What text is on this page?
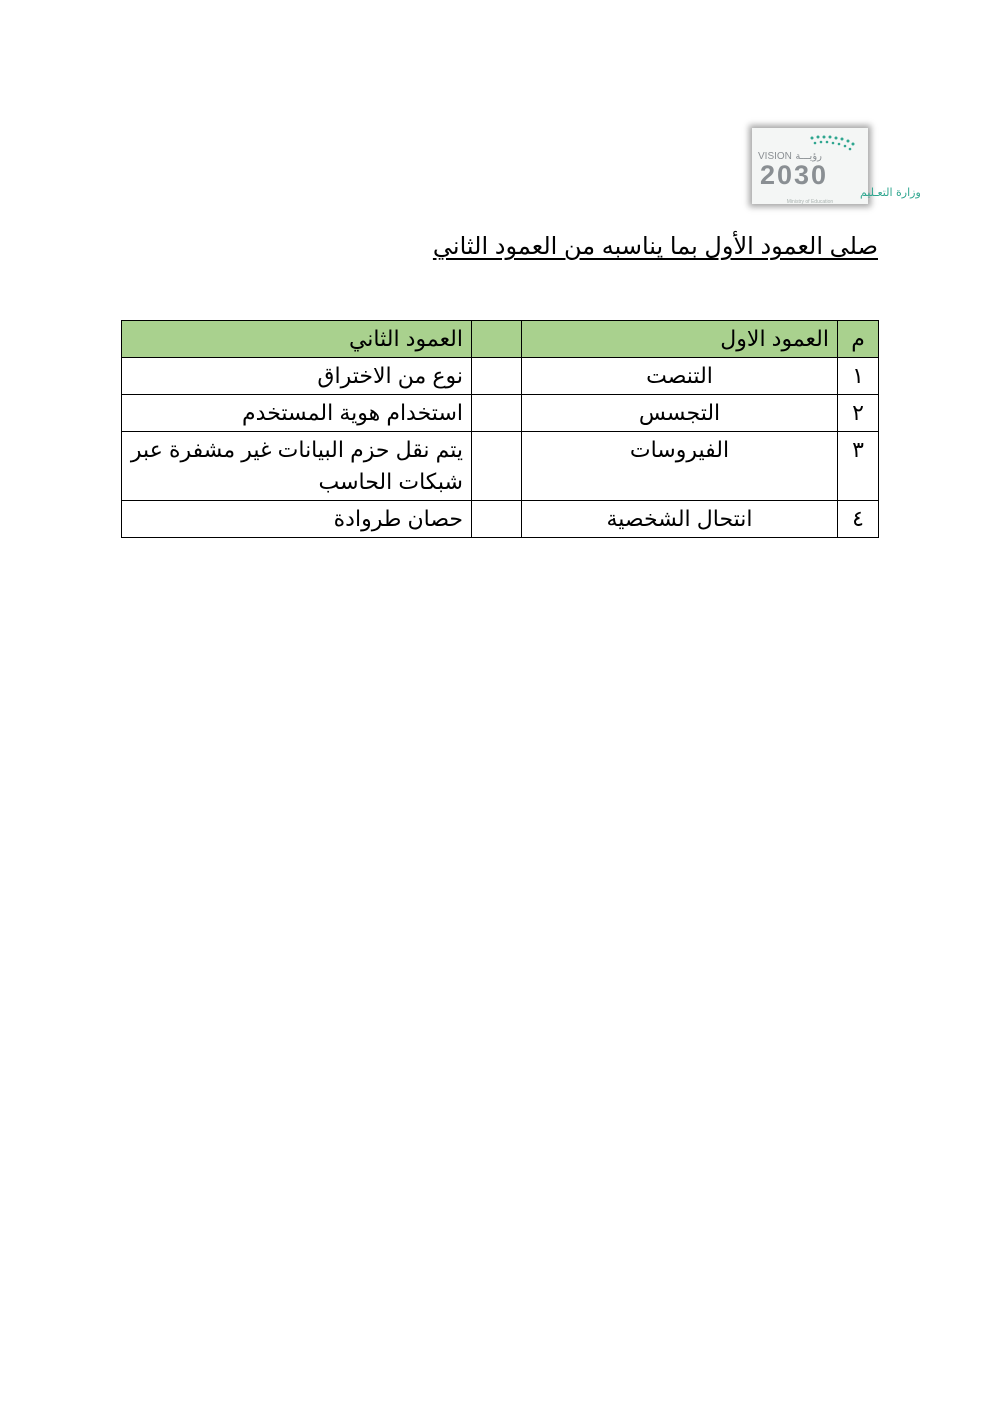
VISION رؤيـــة
2030
وزارة التعـليم
Ministry of Education
صلى العمود الأول بما يناسبه من العمود الثاني
م	العمود الاول		العمود الثاني
١	التنصت		نوع من الاختراق
٢	التجسس		استخدام هوية المستخدم
٣	الفيروسات		يتم نقل حزم البيانات غير مشفرة عبر شبكات الحاسب
٤	انتحال الشخصية		حصان طروادة
